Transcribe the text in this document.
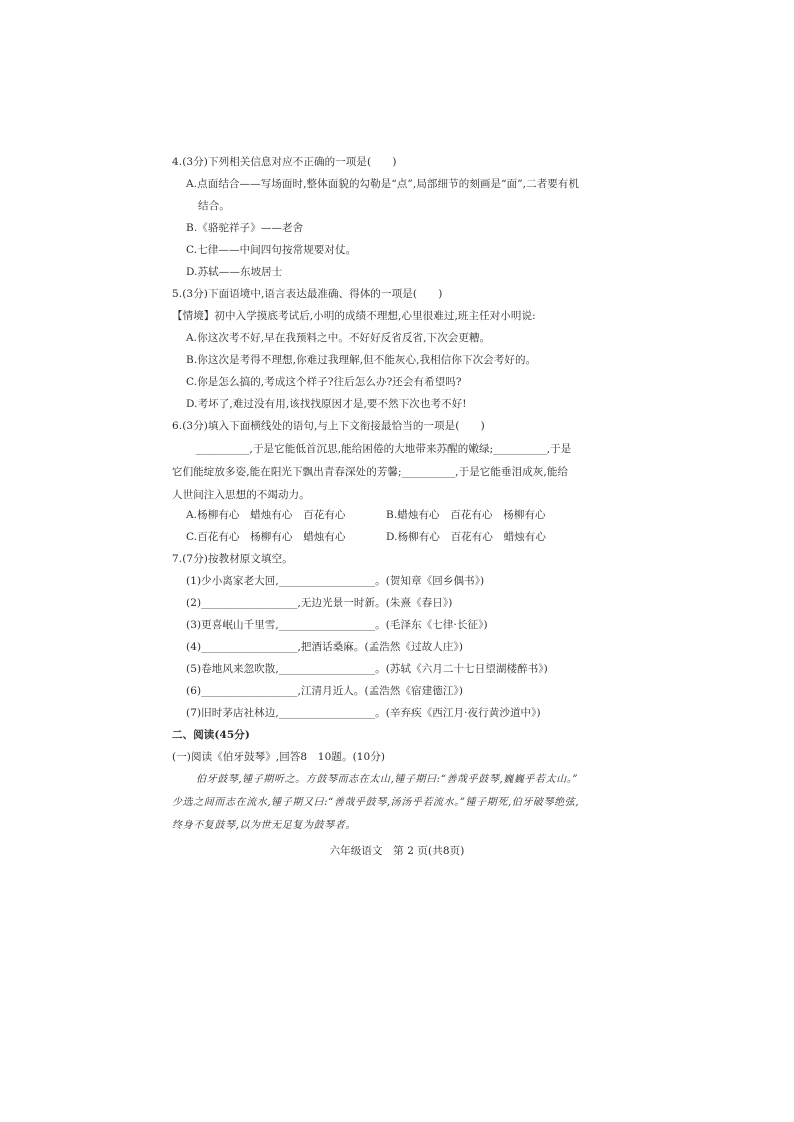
4.(3分)下列相关信息对应不正确的一项是(　　)
A.点面结合——写场面时,整体面貌的勾勒是“点”,局部细节的刻画是“面”,二者要有机
结合。
B.《骆驼祥子》——老舍
C.七律——中间四句按常规要对仗。
D.苏轼——东坡居士
5.(3分)下面语境中,语言表达最准确、得体的一项是(　　)
【情境】初中入学摸底考试后,小明的成绩不理想,心里很难过,班主任对小明说:
A.你这次考不好,早在我预料之中。不好好反省反省,下次会更糟。
B.你这次是考得不理想,你难过我理解,但不能灰心,我相信你下次会考好的。
C.你是怎么搞的,考成这个样子?往后怎么办?还会有希望吗?
D.考坏了,难过没有用,该找找原因才是,要不然下次也考不好!
6.(3分)填入下面横线处的语句,与上下文衔接最恰当的一项是(　　)
__________,于是它能低首沉思,能给困倦的大地带来苏醒的嫩绿;__________,于是
它们能绽放多姿,能在阳光下飘出青春深处的芳馨;__________,于是它能垂泪成灰,能给
人世间注入思想的不竭动力。
A.杨柳有心　蜡烛有心　百花有心	B.蜡烛有心　百花有心　杨柳有心
C.百花有心　杨柳有心　蜡烛有心	D.杨柳有心　百花有心　蜡烛有心
7.(7分)按教材原文填空。
(1)少小离家老大回,__________________。(贺知章《回乡偶书》)
(2)__________________,无边光景一时新。(朱熹《春日》)
(3)更喜岷山千里雪,__________________。(毛泽东《七律·长征》)
(4)__________________,把酒话桑麻。(孟浩然《过故人庄》)
(5)卷地风来忽吹散,__________________。(苏轼《六月二十七日望湖楼醉书》)
(6)__________________,江清月近人。(孟浩然《宿建德江》)
(7)旧时茅店社林边,__________________。(辛弃疾《西江月·夜行黄沙道中》)
二、阅读(45分)
(一)阅读《伯牙鼓琴》,回答8　10题。(10分)
伯牙鼓琴,锺子期听之。方鼓琴而志在太山,锺子期曰:“善哉乎鼓琴,巍巍乎若太山。”
少选之间而志在流水,锺子期又曰:“善哉乎鼓琴,汤汤乎若流水。”锺子期死,伯牙破琴绝弦,
终身不复鼓琴,以为世无足复为鼓琴者。
六年级语文　第 2 页(共8页)
